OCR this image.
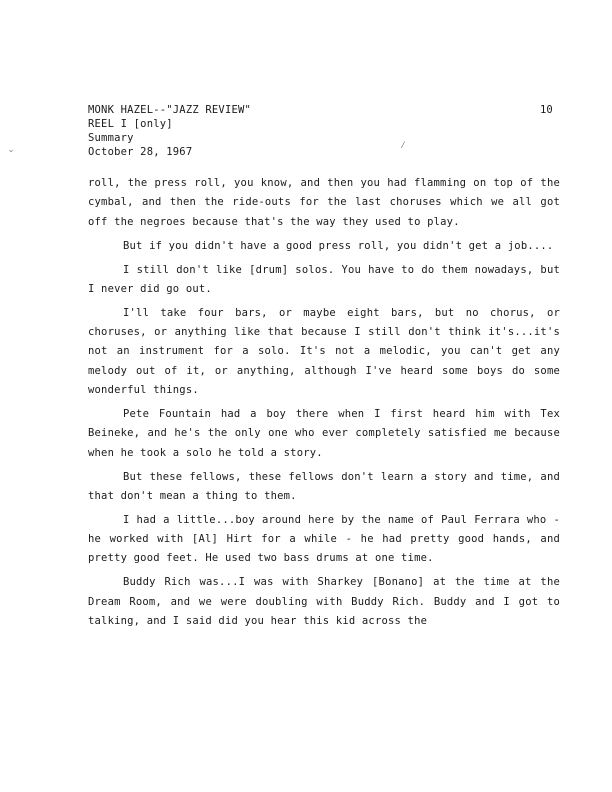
MONK HAZEL--"JAZZ REVIEW"
REEL I [only]
Summary
October 28, 1967
10
˘
⁄

roll, the press roll, you know, and then you had flamming on top of the cymbal, and then the ride-outs for the last choruses which we all got off the negroes because that's the way they used to play.

But if you didn't have a good press roll, you didn't get a job....

I still don't like [drum] solos. You have to do them nowadays, but I never did go out.

I'll take four bars, or maybe eight bars, but no chorus, or choruses, or anything like that because I still don't think it's...it's not an instrument for a solo. It's not a melodic, you can't get any melody out of it, or anything, although I've heard some boys do some wonderful things.

Pete Fountain had a boy there when I first heard him with Tex Beineke, and he's the only one who ever completely satisfied me because when he took a solo he told a story.

But these fellows, these fellows don't learn a story and time, and that don't mean a thing to them.

I had a little...boy around here by the name of Paul Ferrara who - he worked with [Al] Hirt for a while - he had pretty good hands, and pretty good feet. He used two bass drums at one time.

Buddy Rich was...I was with Sharkey [Bonano] at the time at the Dream Room, and we were doubling with Buddy Rich. Buddy and I got to talking, and I said did you hear this kid across the
